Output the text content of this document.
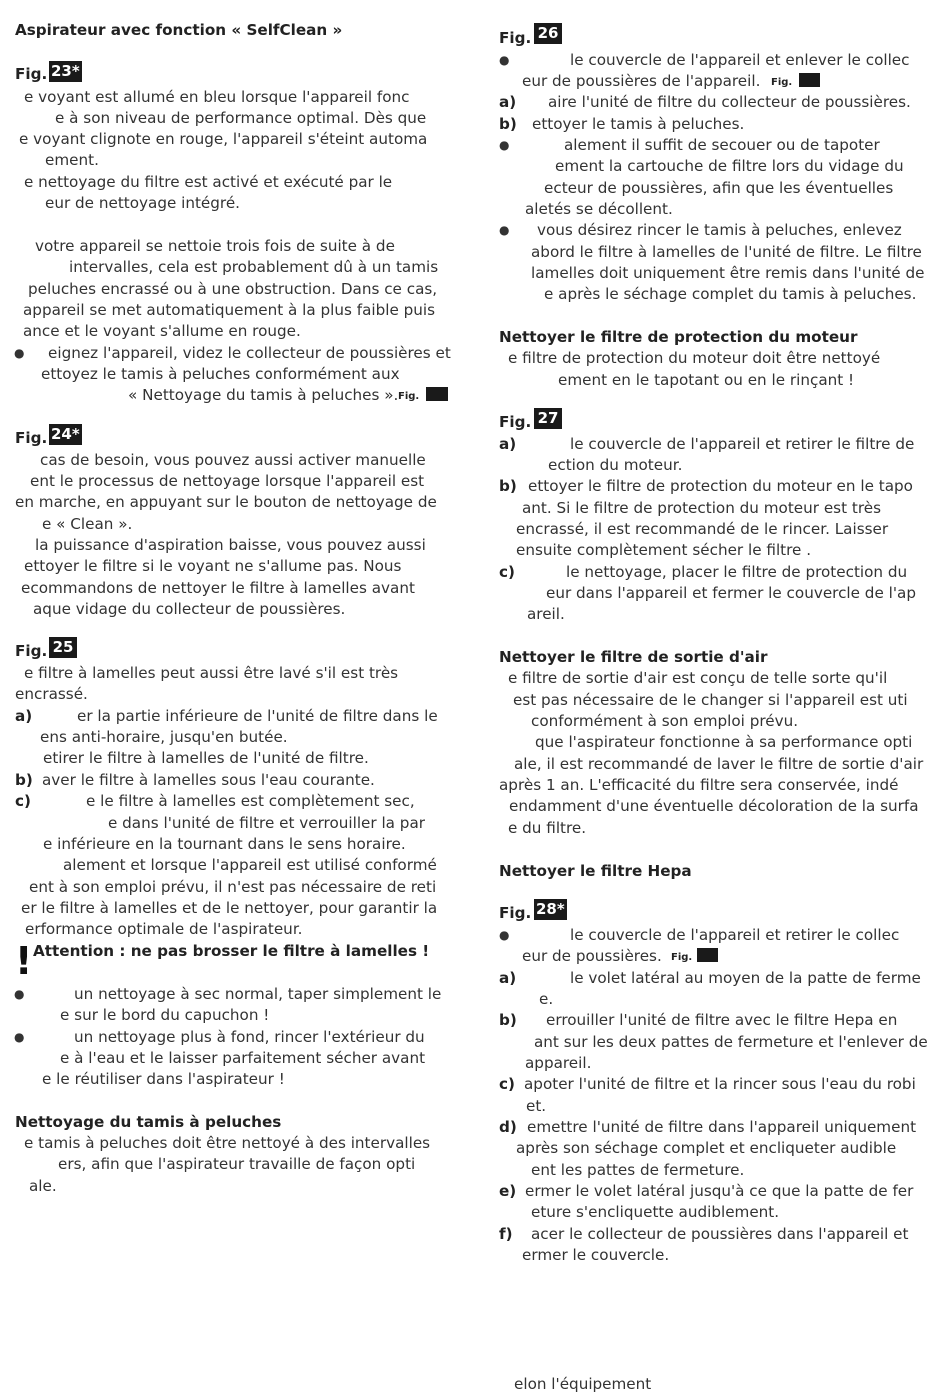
Aspirateur avec fonction « SelfClean »
Fig. 23*
e voyant est allumé en bleu lorsque l'appareil fonc
e à son niveau de performance optimal. Dès que
e voyant clignote en rouge, l'appareil s'éteint automa
ement.
e nettoyage du filtre est activé et exécuté par le
eur de nettoyage intégré.
votre appareil se nettoie trois fois de suite à de
intervalles, cela est probablement dû à un tamis
peluches encrassé ou à une obstruction. Dans ce cas,
appareil se met automatiquement à la plus faible puis
ance et le voyant s'allume en rouge.
● eignez l'appareil, videz le collecteur de poussières et
ettoyez le tamis à peluches conformément aux
« Nettoyage du tamis à peluches ». Fig.
Fig. 24*
cas de besoin, vous pouvez aussi activer manuelle
ent le processus de nettoyage lorsque l'appareil est
en marche, en appuyant sur le bouton de nettoyage de
e « Clean ».
la puissance d'aspiration baisse, vous pouvez aussi
ettoyer le filtre si le voyant ne s'allume pas. Nous
ecommandons de nettoyer le filtre à lamelles avant
aque vidage du collecteur de poussières.
Fig. 25
e filtre à lamelles peut aussi être lavé s'il est très
encrassé.
a)	er la partie inférieure de l'unité de filtre dans le
ens anti-horaire, jusqu'en butée.
etirer le filtre à lamelles de l'unité de filtre.
b) aver le filtre à lamelles sous l'eau courante.
c)	e le filtre à lamelles est complètement sec,
e dans l'unité de filtre et verrouiller la par
e inférieure en la tournant dans le sens horaire.
alement et lorsque l'appareil est utilisé conformé
ent à son emploi prévu, il n'est pas nécessaire de reti
er le filtre à lamelles et de le nettoyer, pour garantir la
erformance optimale de l'aspirateur.
! Attention : ne pas brosser le filtre à lamelles !
●	un nettoyage à sec normal, taper simplement le
e sur le bord du capuchon !
●	un nettoyage plus à fond, rincer l'extérieur du
e à l'eau et le laisser parfaitement sécher avant
e le réutiliser dans l'aspirateur !
Nettoyage du tamis à peluches
e tamis à peluches doit être nettoyé à des intervalles
ers, afin que l'aspirateur travaille de façon opti
ale.
Fig. 26
●	le couvercle de l'appareil et enlever le collec
eur de poussières de l'appareil. Fig.
a) aire l'unité de filtre du collecteur de poussières.
b) ettoyer le tamis à peluches.
●	alement il suffit de secouer ou de tapoter
ement la cartouche de filtre lors du vidage du
ecteur de poussières, afin que les éventuelles
aletés se décollent.
● vous désirez rincer le tamis à peluches, enlevez
abord le filtre à lamelles de l'unité de filtre. Le filtre
lamelles doit uniquement être remis dans l'unité de
e après le séchage complet du tamis à peluches.
Nettoyer le filtre de protection du moteur
e filtre de protection du moteur doit être nettoyé
ement en le tapotant ou en le rinçant !
Fig. 27
a)	le couvercle de l'appareil et retirer le filtre de
ection du moteur.
b) ettoyer le filtre de protection du moteur en le tapo
ant. Si le filtre de protection du moteur est très
encrassé, il est recommandé de le rincer. Laisser
ensuite complètement sécher le filtre .
c)	le nettoyage, placer le filtre de protection du
eur dans l'appareil et fermer le couvercle de l'ap
areil.
Nettoyer le filtre de sortie d'air
e filtre de sortie d'air est conçu de telle sorte qu'il
est pas nécessaire de le changer si l'appareil est uti
conformément à son emploi prévu.
que l'aspirateur fonctionne à sa performance opti
ale, il est recommandé de laver le filtre de sortie d'air
après 1 an. L'efficacité du filtre sera conservée, indé
endamment d'une éventuelle décoloration de la surfa
e du filtre.
Nettoyer le filtre Hepa
Fig. 28*
●	le couvercle de l'appareil et retirer le collec
eur de poussières. Fig.
a)	le volet latéral au moyen de la patte de ferme
e.
b) errouiller l'unité de filtre avec le filtre Hepa en
ant sur les deux pattes de fermeture et l'enlever de
appareil.
c) apoter l'unité de filtre et la rincer sous l'eau du robi
et.
d) emettre l'unité de filtre dans l'appareil uniquement
après son séchage complet et encliqueter audible
ent les pattes de fermeture.
e) ermer le volet latéral jusqu'à ce que la patte de fer
eture s'encliquette audiblement.
f) acer le collecteur de poussières dans l'appareil et
ermer le couvercle.
elon l'équipement
